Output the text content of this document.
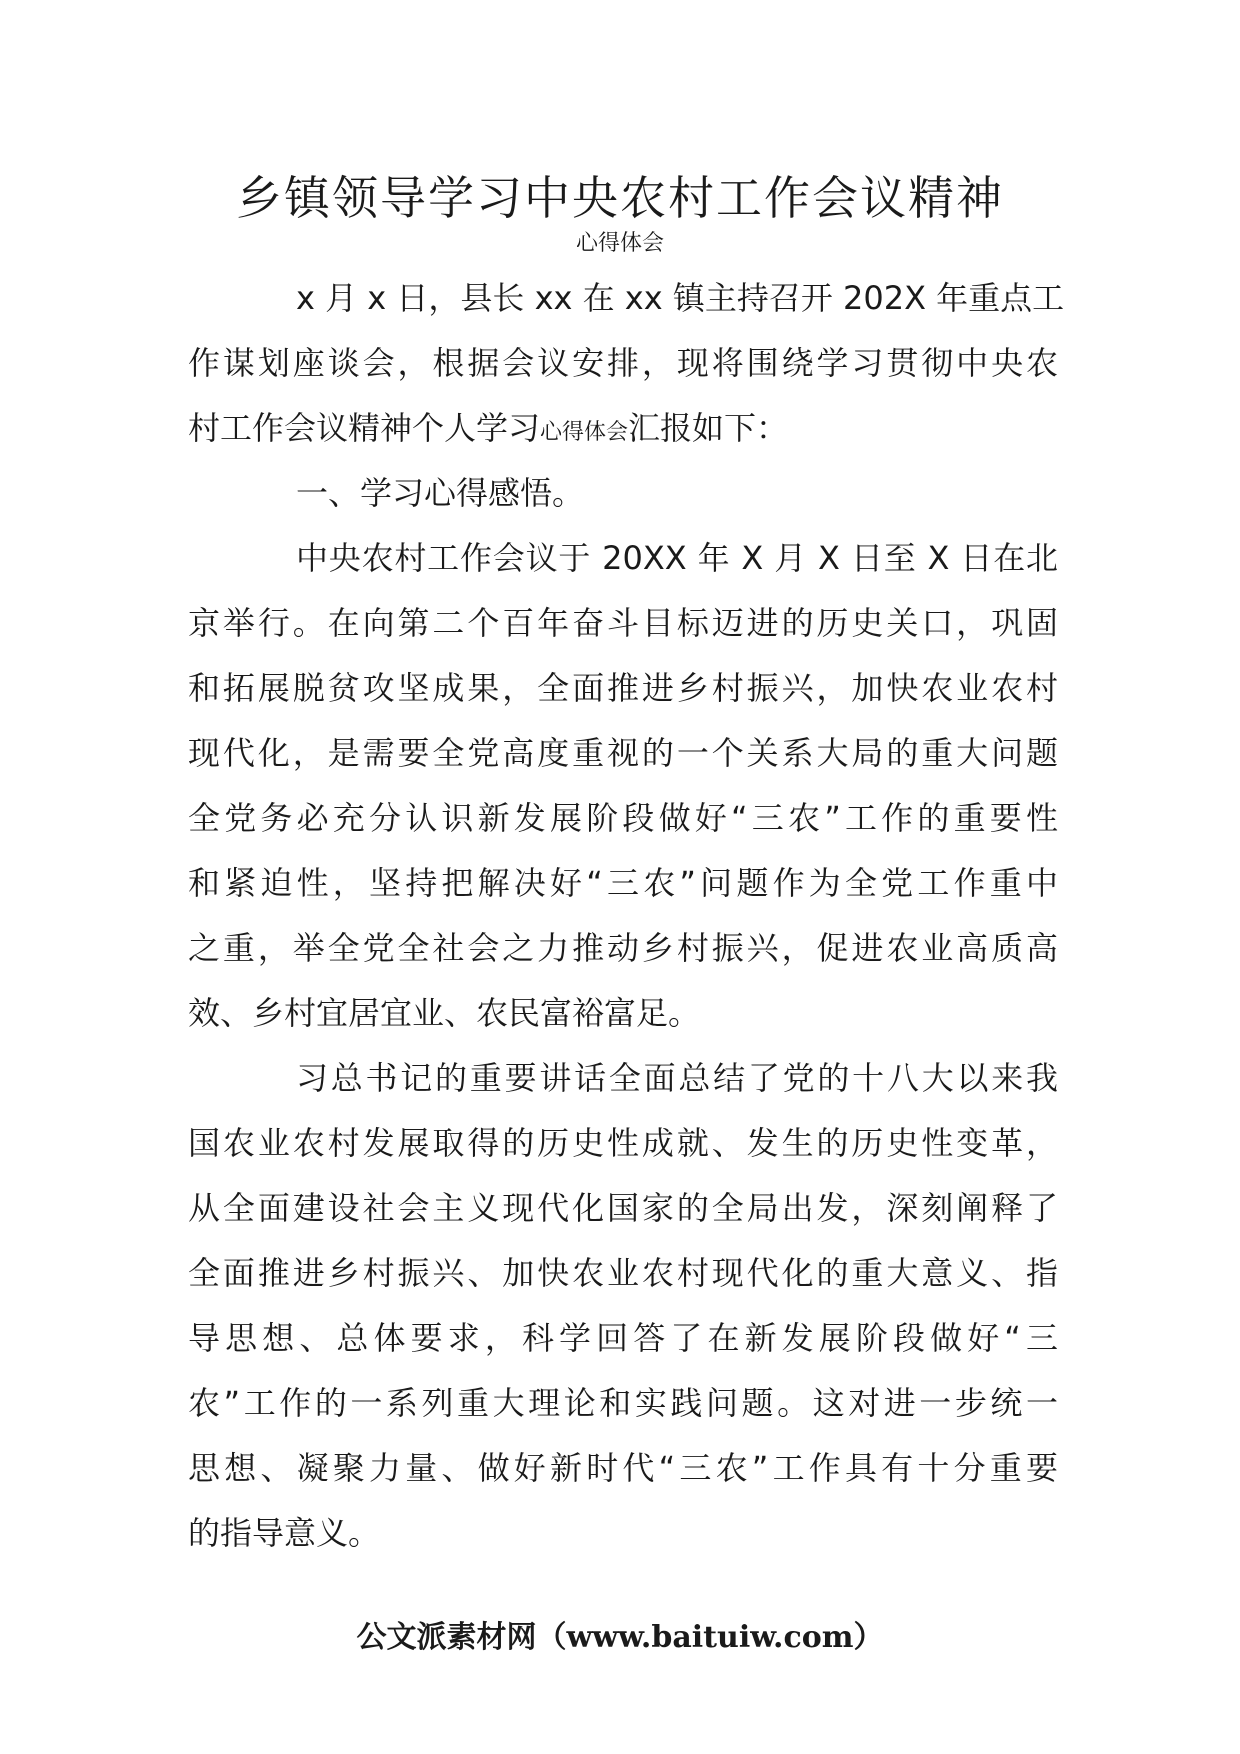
乡镇领导学习中央农村工作会议精神
心得体会
x 月 x 日，县长 xx 在 xx 镇主持召开 202X 年重点工
作谋划座谈会，根据会议安排，现将围绕学习贯彻中央农
村工作会议精神个人学习心得体会汇报如下：
一、学习心得感悟。
中央农村工作会议于 20XX 年 X 月 X 日至 X 日在北
京举行。在向第二个百年奋斗目标迈进的历史关口，巩固
和拓展脱贫攻坚成果，全面推进乡村振兴，加快农业农村
现代化，是需要全党高度重视的一个关系大局的重大问题
全党务必充分认识新发展阶段做好“三农”工作的重要性
和紧迫性，坚持把解决好“三农”问题作为全党工作重中
之重，举全党全社会之力推动乡村振兴，促进农业高质高
效、乡村宜居宜业、农民富裕富足。
习总书记的重要讲话全面总结了党的十八大以来我
国农业农村发展取得的历史性成就、发生的历史性变革，
从全面建设社会主义现代化国家的全局出发，深刻阐释了
全面推进乡村振兴、加快农业农村现代化的重大意义、指
导思想、总体要求，科学回答了在新发展阶段做好“三
农”工作的一系列重大理论和实践问题。这对进一步统一
思想、凝聚力量、做好新时代“三农”工作具有十分重要
的指导意义。
公文派素材网（www.baituiw.com）
